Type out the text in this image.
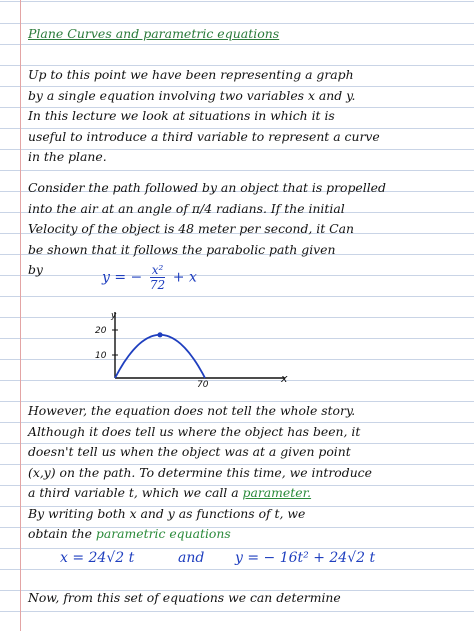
Plane Curves and parametric equations
Up to this point we have been representing a graph
by a single equation involving two variables x and y.
In this lecture we look at situations in which it is
useful to introduce a third variable to represent a curve
in the plane.
Consider the path followed by an object that is propelled
into the air at an angle of π/4 radians. If the initial
Velocity of the object is 48 meter per second, it Can
be shown that it follows the parabolic path given
by	y = − $\frac{\text{x²}}{72} + x$
y
x
20
10
70
However, the equation does not tell the whole story.
Although it does tell us where the object has been, it
doesn't tell us when the object was at a given point
(x,y) on the path. To determine this time, we introduce
a third variable t, which we call a parameter.
By writing both x and y as functions of t, we
obtain the parametric equations
x = 24√2 t	and y = − 16t² + 24√2 t
Now, from this set of equations we can determine
